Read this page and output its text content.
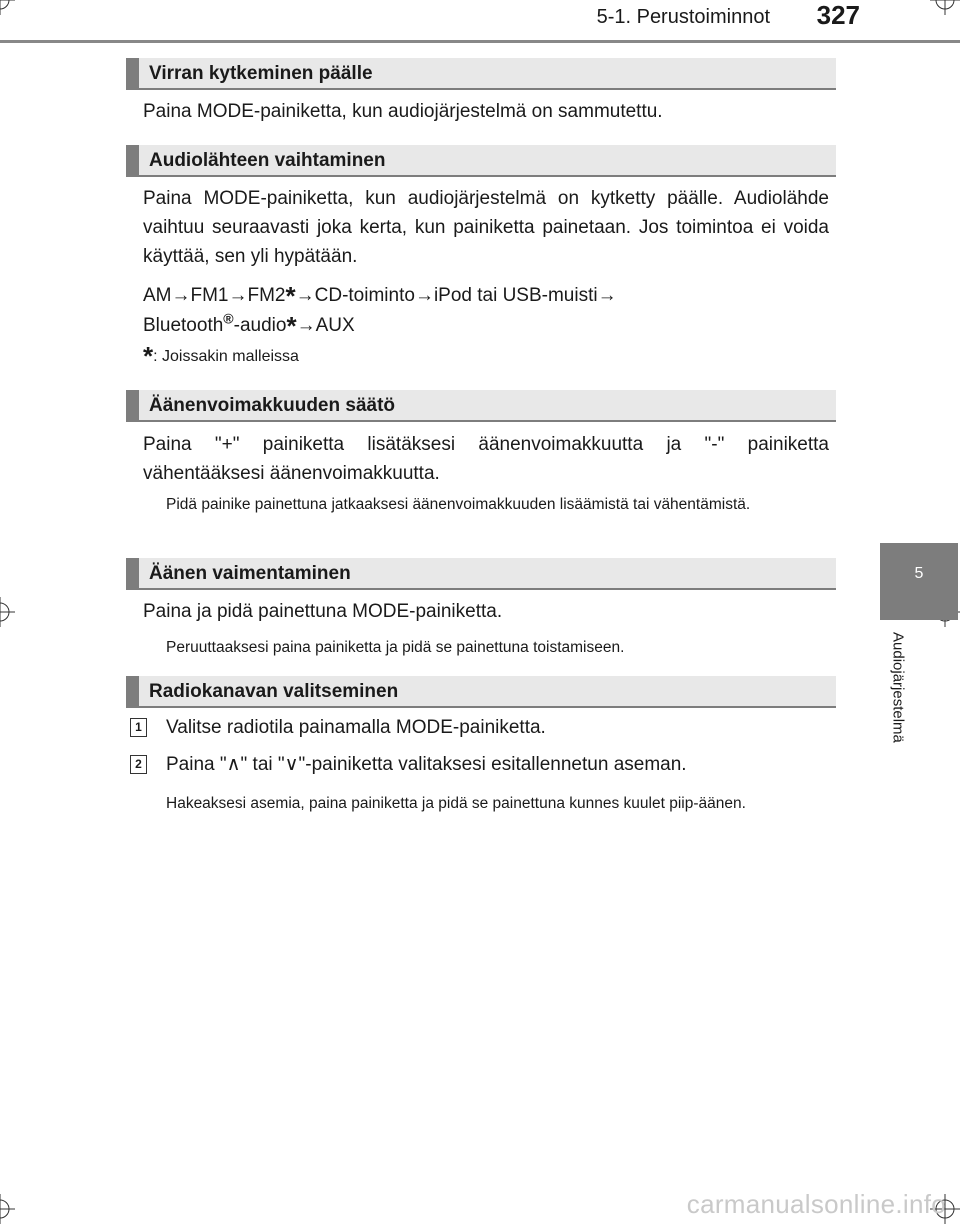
5-1. Perustoiminnot 327
5
Audiojärjestelmä
Virran kytkeminen päälle
Paina MODE-painiketta, kun audiojärjestelmä on sammutettu.
Audiolähteen vaihtaminen
Paina MODE-painiketta, kun audiojärjestelmä on kytketty päälle. Audiolähde vaihtuu seuraavasti joka kerta, kun painiketta painetaan. Jos toimintoa ei voida käyttää, sen yli hypätään.
AM→FM1→FM2*→CD-toiminto→iPod tai USB-muisti→
Bluetooth®-audio*→AUX
*: Joissakin malleissa
Äänenvoimakkuuden säätö
Paina "+" painiketta lisätäksesi äänenvoimakkuutta ja "-" painiketta vähentääksesi äänenvoimakkuutta.
Pidä painike painettuna jatkaaksesi äänenvoimakkuuden lisäämistä tai vähentämistä.
Äänen vaimentaminen
Paina ja pidä painettuna MODE-painiketta.
Peruuttaaksesi paina painiketta ja pidä se painettuna toistamiseen.
Radiokanavan valitseminen
1 Valitse radiotila painamalla MODE-painiketta.
2 Paina "∧" tai "∨"-painiketta valitaksesi esitallennetun aseman.
Hakeaksesi asemia, paina painiketta ja pidä se painettuna kunnes kuulet piip-äänen.
carmanualsonline.info
